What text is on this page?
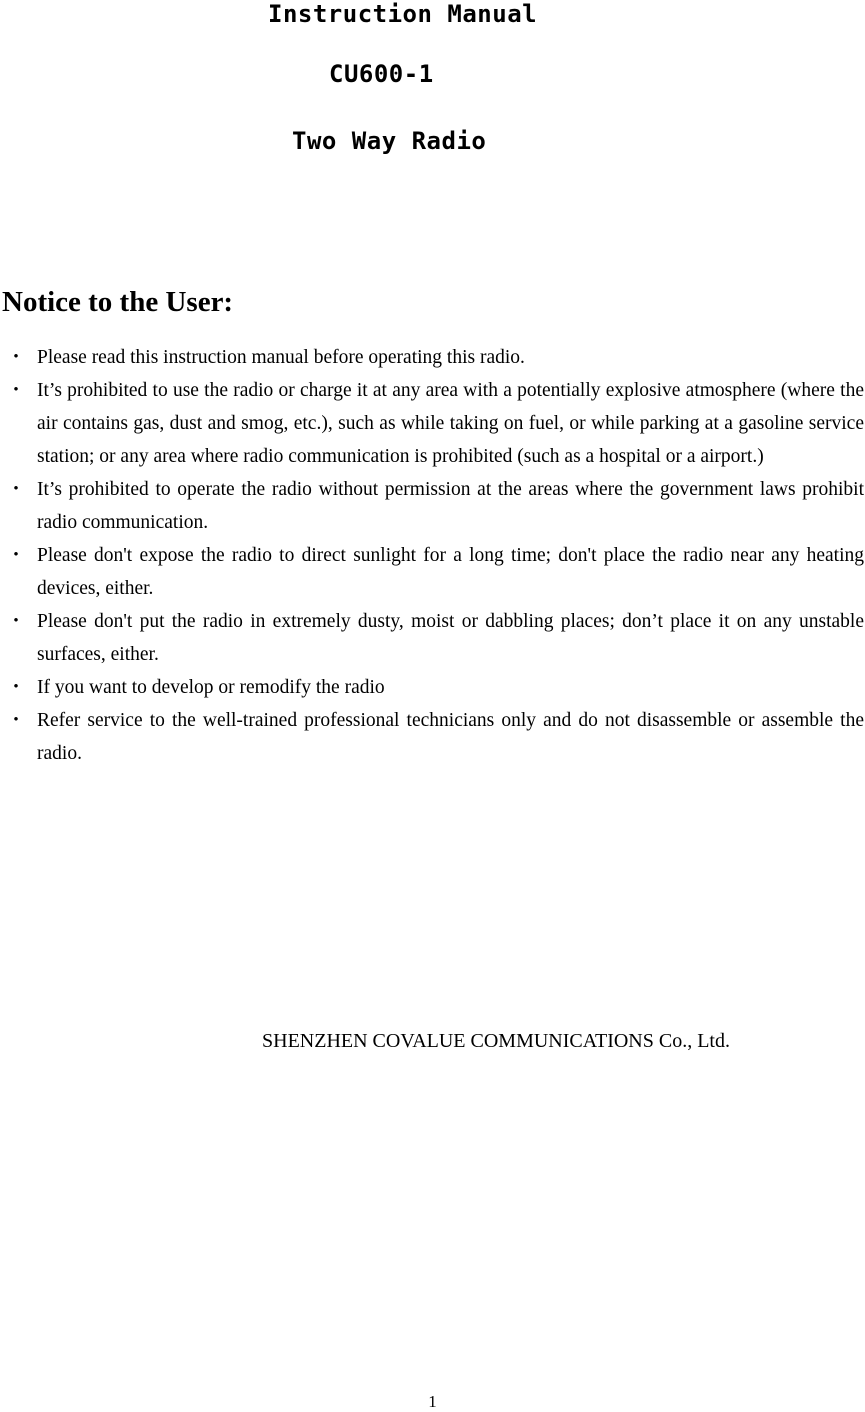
Instruction Manual
CU600-1
Two Way Radio
Notice to the User:
・ Please read this instruction manual before operating this radio.
・ It’s prohibited to use the radio or charge it at any area with a potentially explosive atmosphere (where the air contains gas, dust and smog, etc.), such as while taking on fuel, or while parking at a gasoline service station; or any area where radio communication is prohibited (such as a hospital or a airport.)
・ It’s prohibited to operate the radio without permission at the areas where the government laws prohibit radio communication.
・ Please don't expose the radio to direct sunlight for a long time; don't place the radio near any heating devices, either.
・ Please don't put the radio in extremely dusty, moist or dabbling places; don’t place it on any unstable surfaces, either.
・ If you want to develop or remodify the radio
・ Refer service to the well-trained professional technicians only and do not disassemble or assemble the radio.

SHENZHEN COVALUE COMMUNICATIONS Co., Ltd.

1
